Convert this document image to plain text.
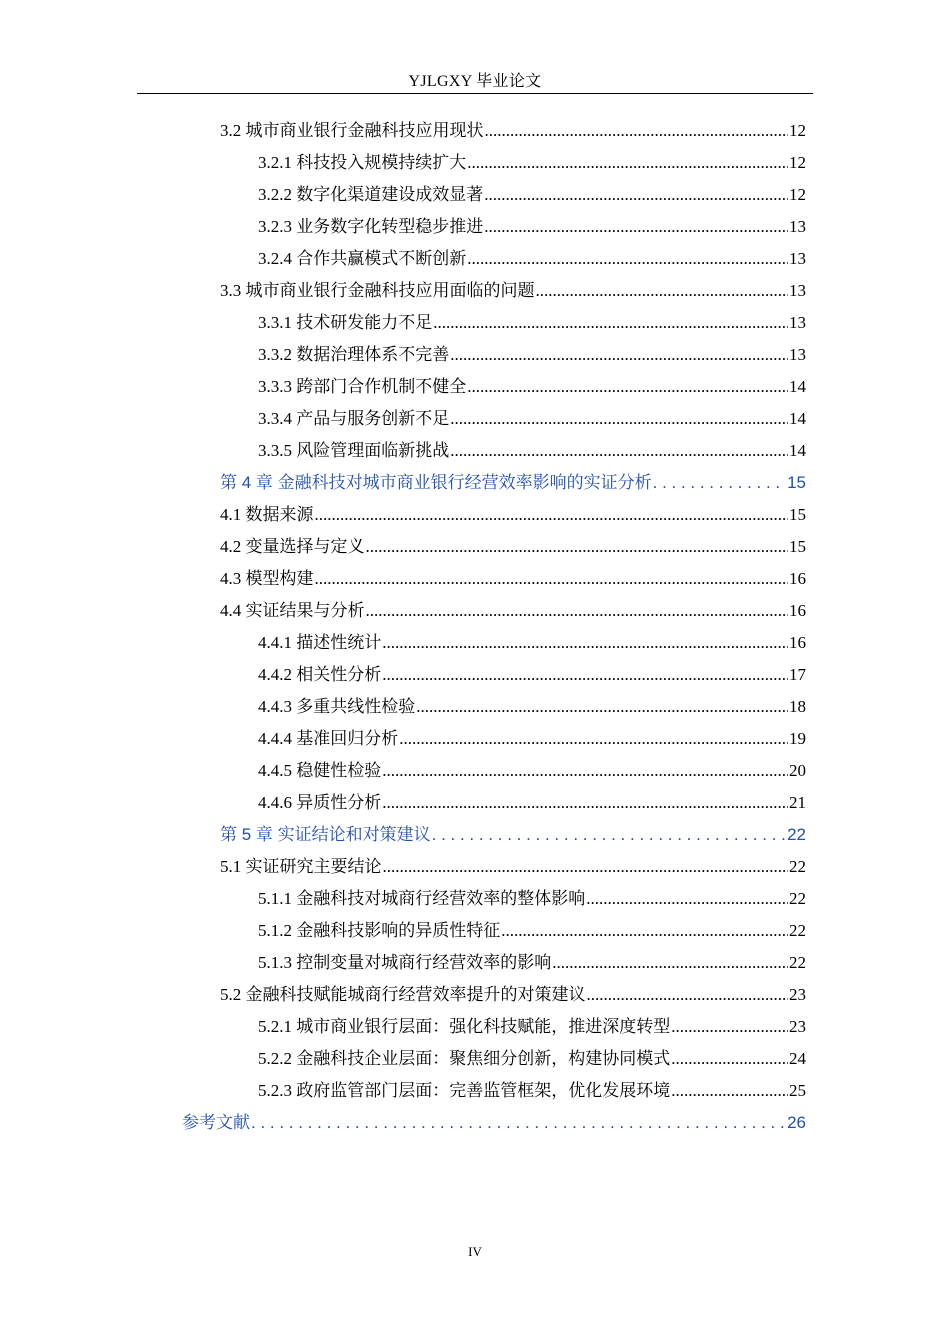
YJLGXY 毕业论文
3.2 城市商业银行金融科技应用现状 .....	12
3.2.1 科技投入规模持续扩大 .....	12
3.2.2 数字化渠道建设成效显著 .....	12
3.2.3 业务数字化转型稳步推进 .....	13
3.2.4 合作共赢模式不断创新 .....	13
3.3 城市商业银行金融科技应用面临的问题 .....	13
3.3.1 技术研发能力不足 .....	13
3.3.2 数据治理体系不完善 .....	13
3.3.3 跨部门合作机制不健全 .....	14
3.3.4 产品与服务创新不足 .....	14
3.3.5 风险管理面临新挑战 .....	14
第 4 章 金融科技对城市商业银行经营效率影响的实证分析 . . .	15
4.1 数据来源 .....	15
4.2 变量选择与定义 .....	15
4.3 模型构建 .....	16
4.4 实证结果与分析 .....	16
4.4.1 描述性统计 .....	16
4.4.2 相关性分析 .....	17
4.4.3 多重共线性检验 .....	18
4.4.4 基准回归分析 .....	19
4.4.5 稳健性检验 .....	20
4.4.6 异质性分析 .....	21
第 5 章 实证结论和对策建议 . . .	22
5.1 实证研究主要结论 .....	22
5.1.1 金融科技对城商行经营效率的整体影响 .....	22
5.1.2 金融科技影响的异质性特征 .....	22
5.1.3 控制变量对城商行经营效率的影响 .....	22
5.2 金融科技赋能城商行经营效率提升的对策建议 .....	23
5.2.1 城市商业银行层面：强化科技赋能，推进深度转型 .....	23
5.2.2 金融科技企业层面：聚焦细分创新，构建协同模式 .....	24
5.2.3 政府监管部门层面：完善监管框架，优化发展环境 .....	25
参考文献 . . .	26
IV
